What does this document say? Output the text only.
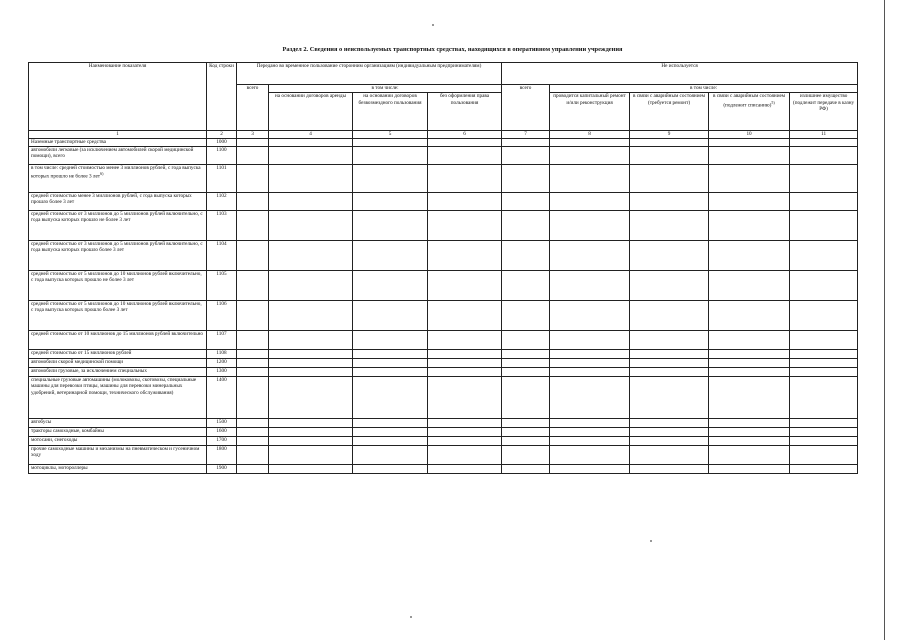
Раздел 2. Сведения о неиспользуемых транспортных средствах, находящихся в оперативном управлении учреждения
Наименование показателя	Код строки	Передано во временное пользование сторонним организациям (индивидуальным предпринимателям)				Не используется				
		всего	в том числе:			всего	в том числе:			
			на основании договоров аренды	на основании договоров безвозмездного пользования	без оформления права пользования		проводится капитальный ремонт и/или реконструкция	в связи с аварийным состоянием (требуется ремонт)	в связи с аварийным состоянием (подлежит списанию)$^{5)}$	излишнее имущество (подлежит передаче в казну РФ)
1	2	3	4	5	6	7	8	9	10	11
Наземные транспортные средства	1000									
автомобили легковые (за исключением автомобилей скорой медицинской помощи), всего	1100									
в том числе: средней стоимостью менее 3 миллионов рублей, с года выпуска которых прошло не более 3 лет$^{6)}$	1101									
средней стоимостью менее 3 миллионов рублей, с года выпуска которых прошло более 3 лет	1102									
средней стоимостью от 3 миллионов до 5 миллионов рублей включительно, с года выпуска которых прошло не более 3 лет	1103									
средней стоимостью от 3 миллионов до 5 миллионов рублей включительно, с года выпуска которых прошло более 3 лет	1104									
средней стоимостью от 5 миллионов до 10 миллионов рублей включительно, с года выпуска которых прошло не более 3 лет	1105									
средней стоимостью от 5 миллионов до 10 миллионов рублей включительно, с года выпуска которых прошло более 3 лет	1106									
средней стоимостью от 10 миллионов до 15 миллионов рублей включительно	1107									
средней стоимостью от 15 миллионов рублей	1108									
автомобили скорой медицинской помощи	1200									
автомобили грузовые, за исключением специальных	1300									
специальные грузовые автомашины (молоковозы, скотовозы, специальные машины для перевозки птицы, машины для перевозки минеральных удобрений, ветеринарной помощи, технического обслуживания)	1400									
автобусы	1500									
тракторы самоходные, комбайны	1600									
мотосани, снегоходы	1700									
прочие самоходные машины и механизмы на пневматическом и гусеничном ходу	1800									
мотоциклы, мотороллеры	1900									
